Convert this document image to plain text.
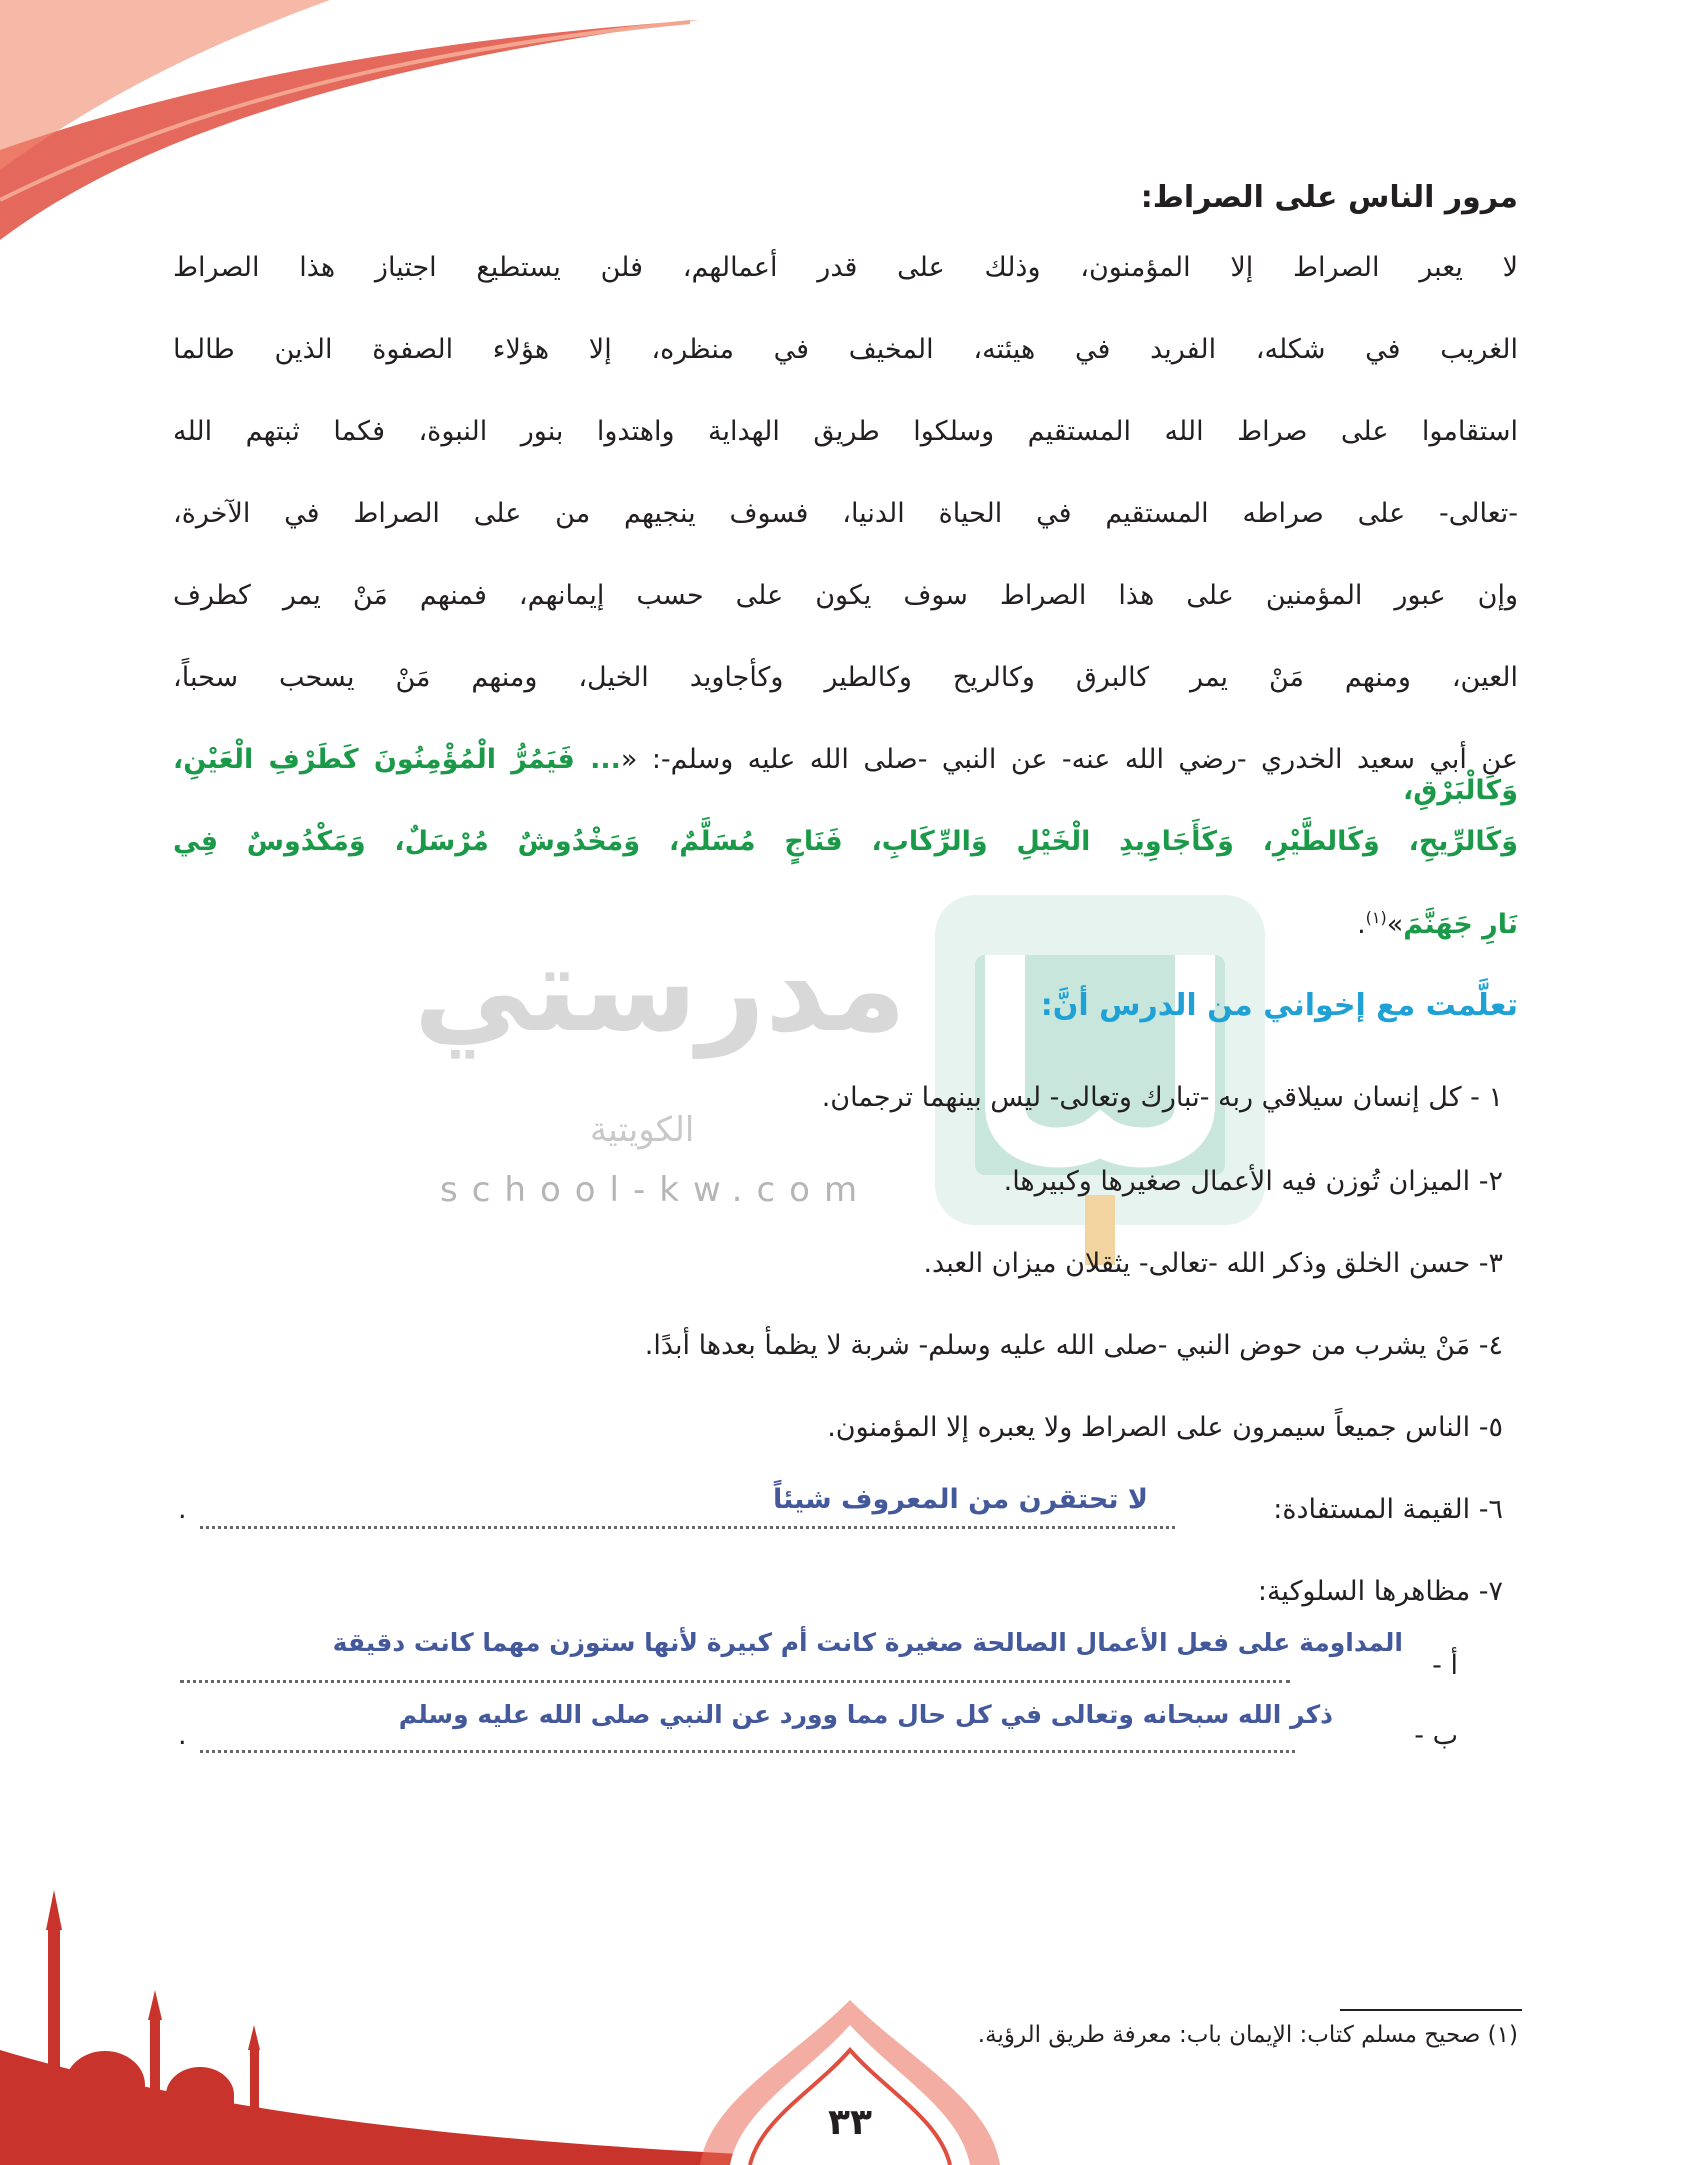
مدرستي
الكويتية
school-kw.com
مرور الناس على الصراط:
لا يعبر الصراط إلا المؤمنون، وذلك على قدر أعمالهم، فلن يستطيع اجتياز هذا الصراط
الغريب في شكله، الفريد في هيئته، المخيف في منظره، إلا هؤلاء الصفوة الذين طالما
استقاموا على صراط الله المستقيم وسلكوا طريق الهداية واهتدوا بنور النبوة، فكما ثبتهم الله
-تعالى- على صراطه المستقيم في الحياة الدنيا، فسوف ينجيهم من على الصراط في الآخرة،
وإن عبور المؤمنين على هذا الصراط سوف يكون على حسب إيمانهم، فمنهم مَنْ يمر كطرف
العين، ومنهم مَنْ يمر كالبرق وكالريح وكالطير وكأجاويد الخيل، ومنهم مَنْ يسحب سحباً،
عن أبي سعيد الخدري -رضي الله عنه- عن النبي -صلى الله عليه وسلم-: «... فَيَمُرُّ الْمُؤْمِنُونَ كَطَرْفِ الْعَيْنِ، وَكَالْبَرْقِ،
وَكَالرِّيحِ، وَكَالطَّيْرِ، وَكَأَجَاوِيدِ الْخَيْلِ وَالرِّكَابِ، فَنَاجٍ مُسَلَّمٌ، وَمَخْدُوشٌ مُرْسَلٌ، وَمَكْدُوسٌ فِي
نَارِ جَهَنَّمَ»$^{(١)}$.
تعلَّمت مع إخواني من الدرس أنَّ:
١ - كل إنسان سيلاقي ربه -تبارك وتعالى- ليس بينهما ترجمان.
٢- الميزان تُوزن فيه الأعمال صغيرها وكبيرها.
٣- حسن الخلق وذكر الله -تعالى- يثقلان ميزان العبد.
٤- مَنْ يشرب من حوض النبي -صلى الله عليه وسلم- شربة لا يظمأ بعدها أبدًا.
٥- الناس جميعاً سيمرون على الصراط ولا يعبره إلا المؤمنون.
٦- القيمة المستفادة:
لا تحتقرن من المعروف شيئاً
.
٧- مظاهرها السلوكية:
أ -
المداومة على فعل الأعمال الصالحة صغيرة كانت أم كبيرة لأنها ستوزن مهما كانت دقيقة
ب -
ذكر الله سبحانه وتعالى في كل حال مما وورد عن النبي صلى الله عليه وسلم
.
(١) صحيح مسلم كتاب: الإيمان باب: معرفة طريق الرؤية.
٣٣
